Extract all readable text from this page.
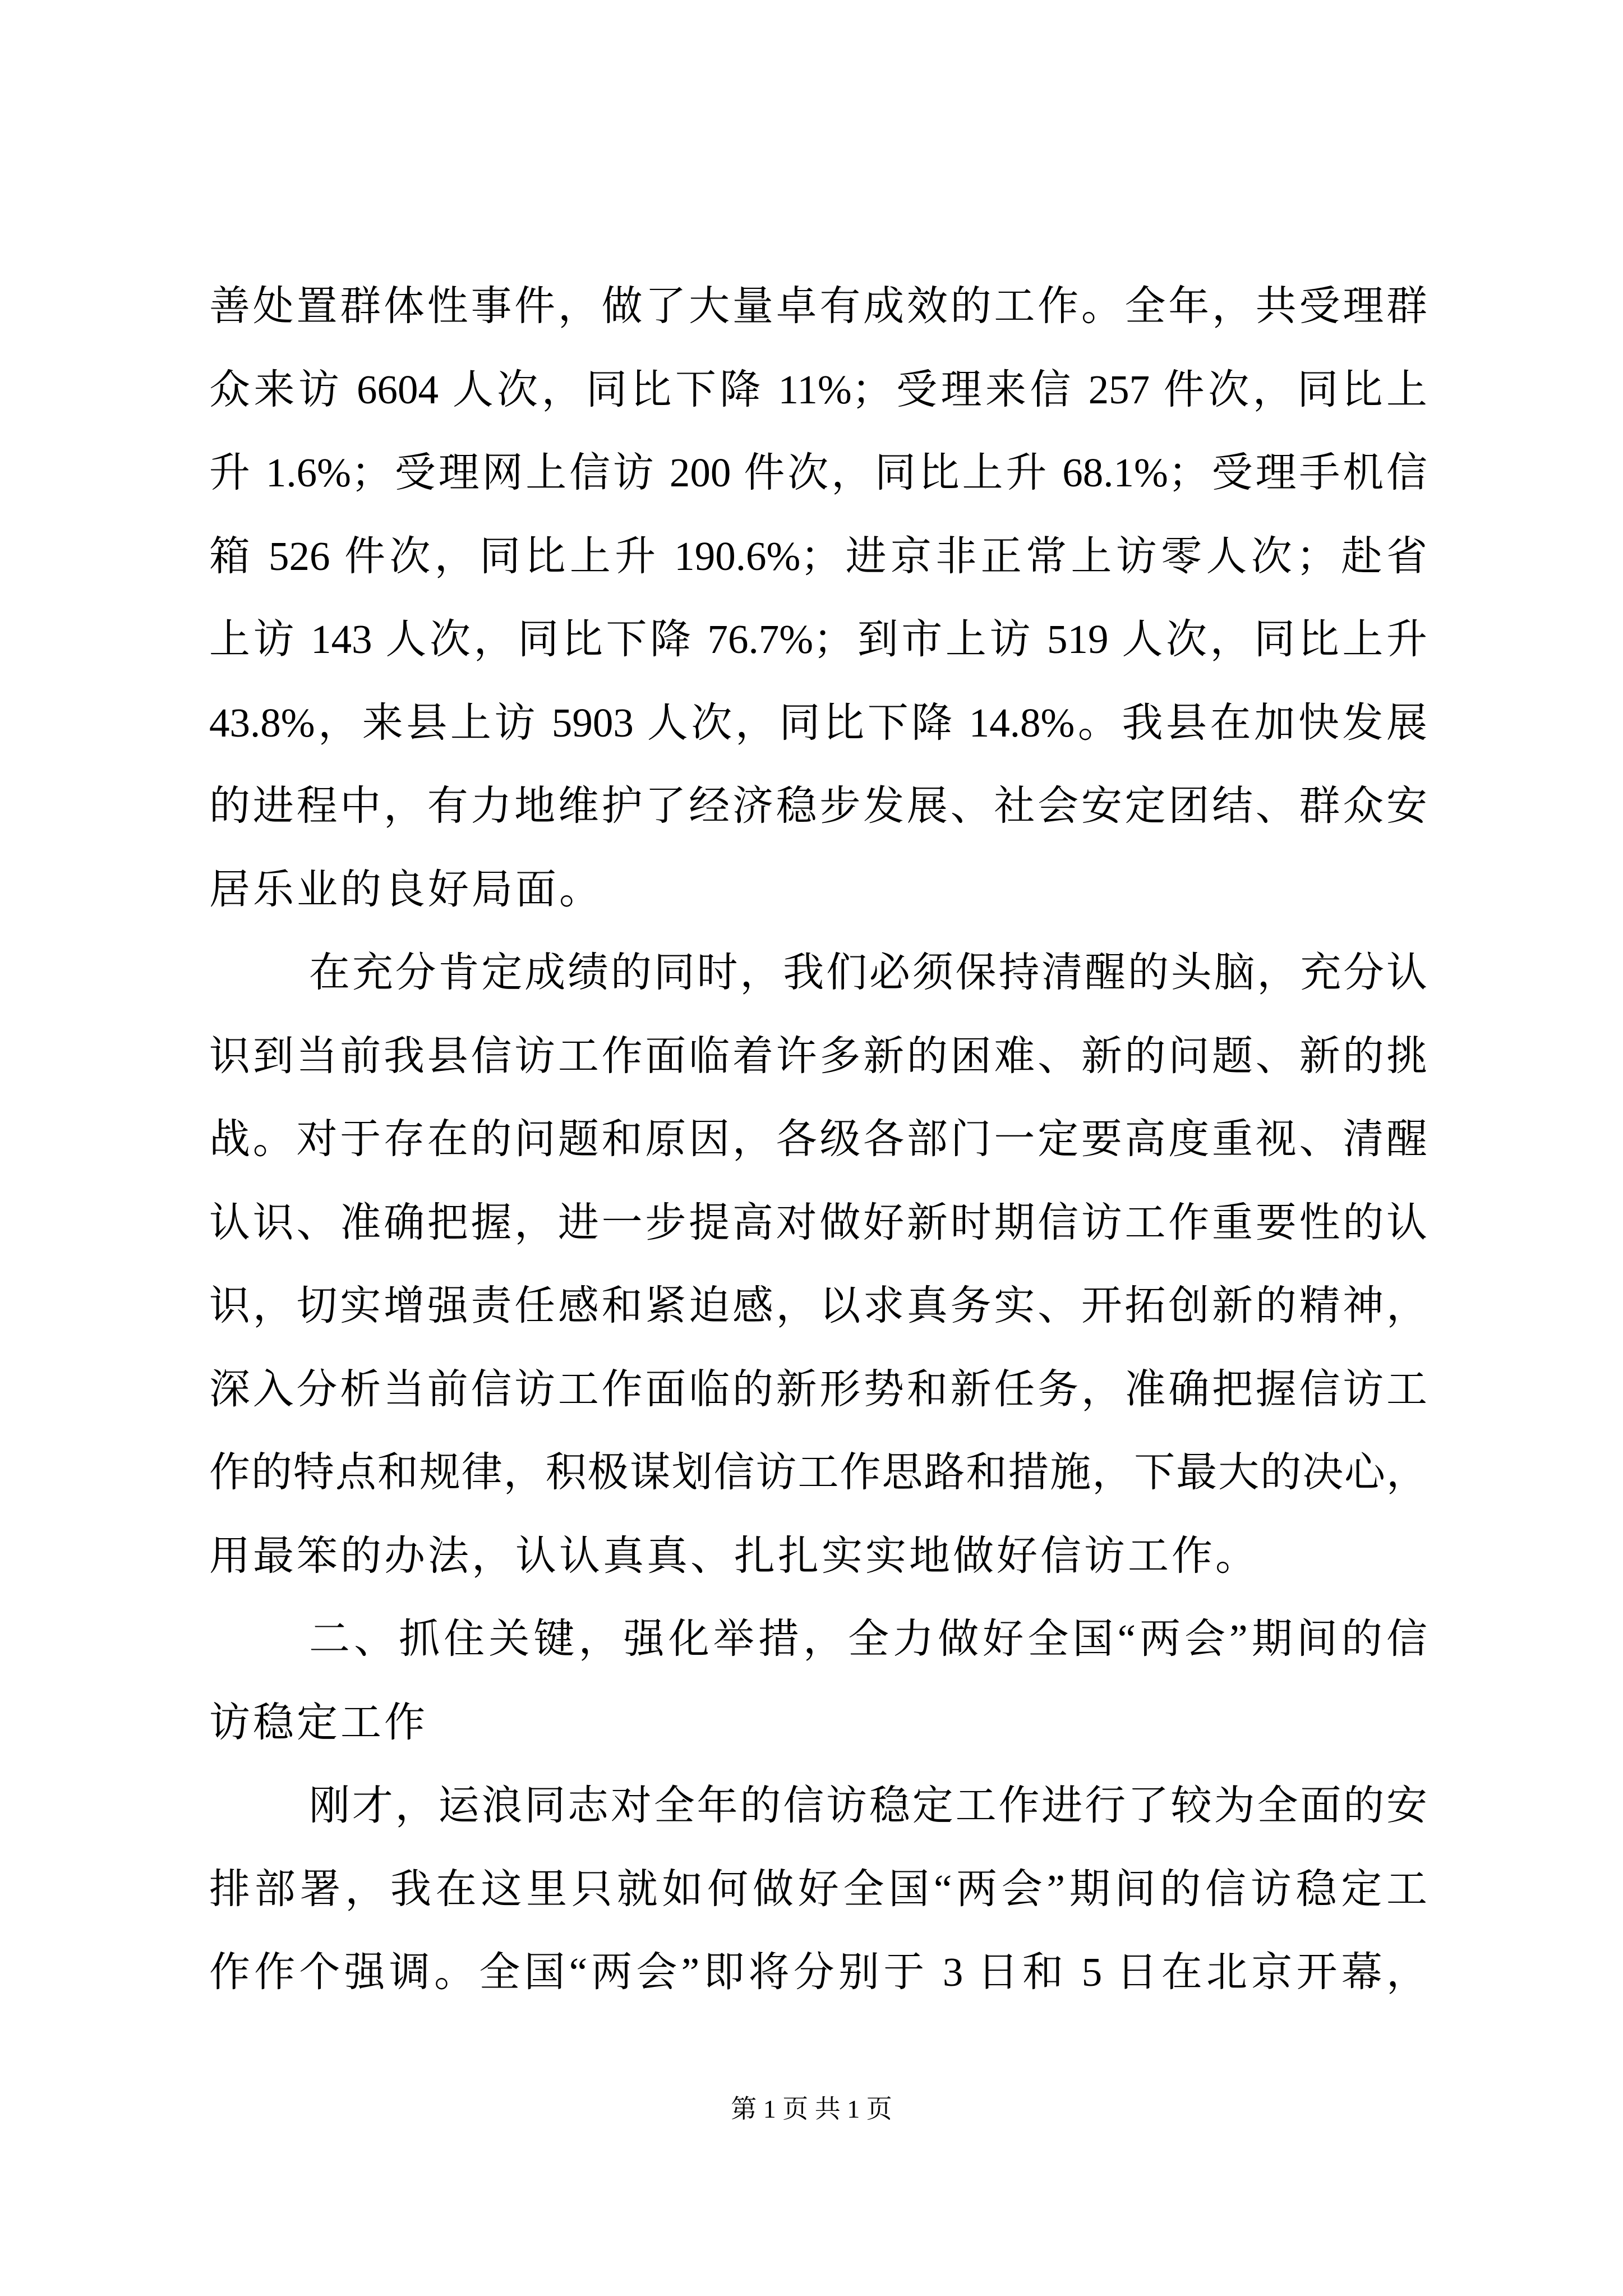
善处置群体性事件，做了大量卓有成效的工作。全年，共受理群
众来访 6604 人次，同比下降 11%；受理来信 257 件次，同比上
升 1.6%；受理网上信访 200 件次，同比上升 68.1%；受理手机信
箱 526 件次，同比上升 190.6%；进京非正常上访零人次；赴省
上访 143 人次，同比下降 76.7%；到市上访 519 人次，同比上升
43.8%，来县上访 5903 人次，同比下降 14.8%。我县在加快发展
的进程中，有力地维护了经济稳步发展、社会安定团结、群众安
居乐业的良好局面。
在充分肯定成绩的同时，我们必须保持清醒的头脑，充分认
识到当前我县信访工作面临着许多新的困难、新的问题、新的挑
战。对于存在的问题和原因，各级各部门一定要高度重视、清醒
认识、准确把握，进一步提高对做好新时期信访工作重要性的认
识，切实增强责任感和紧迫感，以求真务实、开拓创新的精神，
深入分析当前信访工作面临的新形势和新任务，准确把握信访工
作的特点和规律，积极谋划信访工作思路和措施，下最大的决心，
用最笨的办法，认认真真、扎扎实实地做好信访工作。
二、抓住关键，强化举措，全力做好全国“两会”期间的信
访稳定工作
刚才，运浪同志对全年的信访稳定工作进行了较为全面的安
排部署，我在这里只就如何做好全国“两会”期间的信访稳定工
作作个强调。全国“两会”即将分别于 3 日和 5 日在北京开幕，
第 1 页 共 1 页
